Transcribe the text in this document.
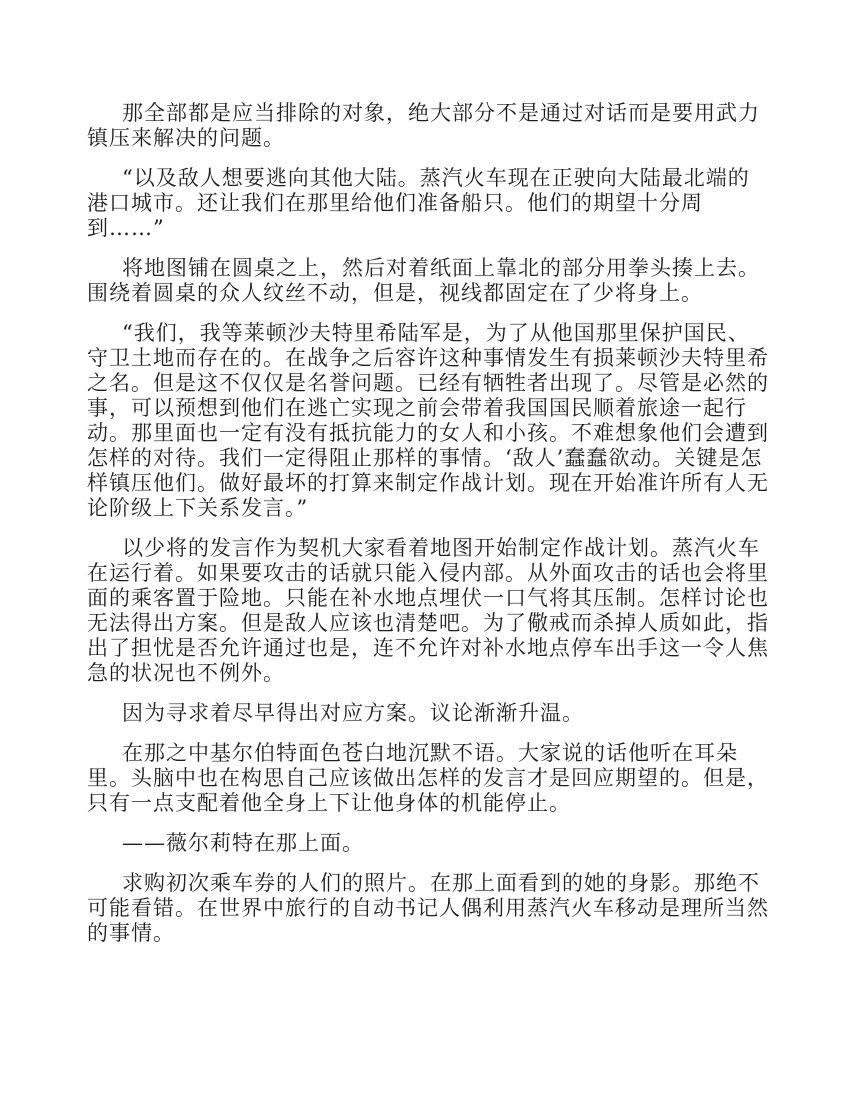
那全部都是应当排除的对象，绝大部分不是通过对话而是要用武力 镇压来解决的问题。

“以及敌人想要逃向其他大陆。蒸汽火车现在正驶向大陆最北端的 港口城市。还让我们在那里给他们准备船只。他们的期望十分周 到……”

将地图铺在圆桌之上，然后对着纸面上靠北的部分用拳头揍上去。 围绕着圆桌的众人纹丝不动，但是，视线都固定在了少将身上。

“我们，我等莱顿沙夫特里希陆军是，为了从他国那里保护国民、 守卫土地而存在的。在战争之后容许这种事情发生有损莱顿沙夫特里希 之名。但是这不仅仅是名誉问题。已经有牺牲者出现了。尽管是必然的 事，可以预想到他们在逃亡实现之前会带着我国国民顺着旅途一起行 动。那里面也一定有没有抵抗能力的女人和小孩。不难想象他们会遭到 怎样的对待。我们一定得阻止那样的事情。‘敌人’蠢蠢欲动。关键是怎 样镇压他们。做好最坏的打算来制定作战计划。现在开始准许所有人无 论阶级上下关系发言。”

以少将的发言作为契机大家看着地图开始制定作战计划。蒸汽火车 在运行着。如果要攻击的话就只能入侵内部。从外面攻击的话也会将里 面的乘客置于险地。只能在补水地点埋伏一口气将其压制。怎样讨论也 无法得出方案。但是敌人应该也清楚吧。为了儆戒而杀掉人质如此，指 出了担忧是否允许通过也是，连不允许对补水地点停车出手这一令人焦 急的状况也不例外。

因为寻求着尽早得出对应方案。议论渐渐升温。

在那之中基尔伯特面色苍白地沉默不语。大家说的话他听在耳朵 里。头脑中也在构思自己应该做出怎样的发言才是回应期望的。但是， 只有一点支配着他全身上下让他身体的机能停止。

——薇尔莉特在那上面。

求购初次乘车券的人们的照片。在那上面看到的她的身影。那绝不 可能看错。在世界中旅行的自动书记人偶利用蒸汽火车移动是理所当然 的事情。
